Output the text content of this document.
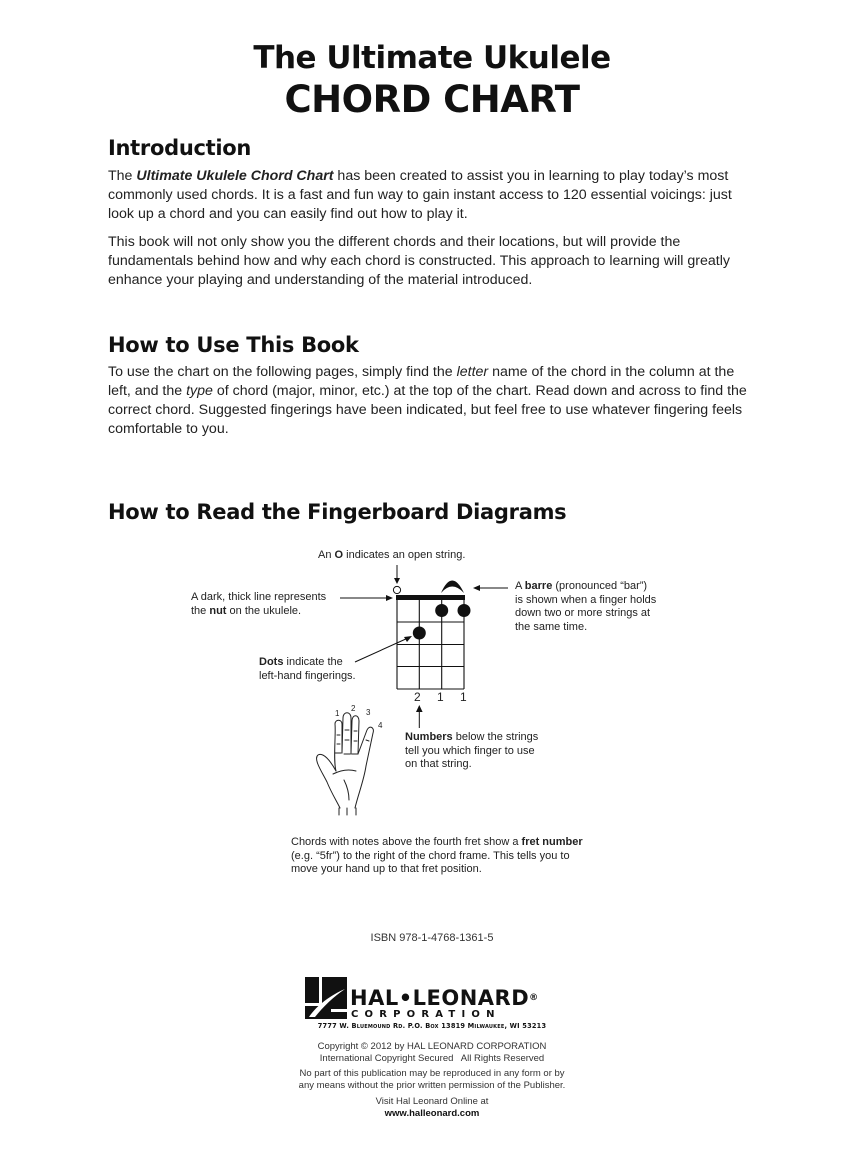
The Ultimate Ukulele
CHORD CHART
Introduction
The Ultimate Ukulele Chord Chart has been created to assist you in learning to play today’s most commonly used chords. It is a fast and fun way to gain instant access to 120 essential voicings: just look up a chord and you can easily find out how to play it.
This book will not only show you the different chords and their locations, but will provide the fundamentals behind how and why each chord is constructed. This approach to learning will greatly enhance your playing and understanding of the material introduced.
How to Use This Book
To use the chart on the following pages, simply find the letter name of the chord in the column at the left, and the type of chord (major, minor, etc.) at the top of the chart. Read down and across to find the correct chord. Suggested fingerings have been indicated, but feel free to use whatever fingering feels comfortable to you.
How to Read the Fingerboard Diagrams
An O indicates an open string.
A dark, thick line represents
the nut on the ukulele.
A barre (pronounced “bar”)
is shown when a finger holds
down two or more strings at
the same time.
Dots indicate the
left-hand fingerings.
2 1 1
1
2 3
4
Numbers below the strings
tell you which finger to use
on that string.
Chords with notes above the fourth fret show a fret number
(e.g. “5fr”) to the right of the chord frame. This tells you to
move your hand up to that fret position.
ISBN 978-1-4768-1361-5
HAL•LEONARD®
CORPORATION
7777 W. Bluemound Rd. P.O. Box 13819 Milwaukee, WI 53213
Copyright © 2012 by HAL LEONARD CORPORATION
International Copyright Secured   All Rights Reserved
No part of this publication may be reproduced in any form or by
any means without the prior written permission of the Publisher.
Visit Hal Leonard Online at
www.halleonard.com
